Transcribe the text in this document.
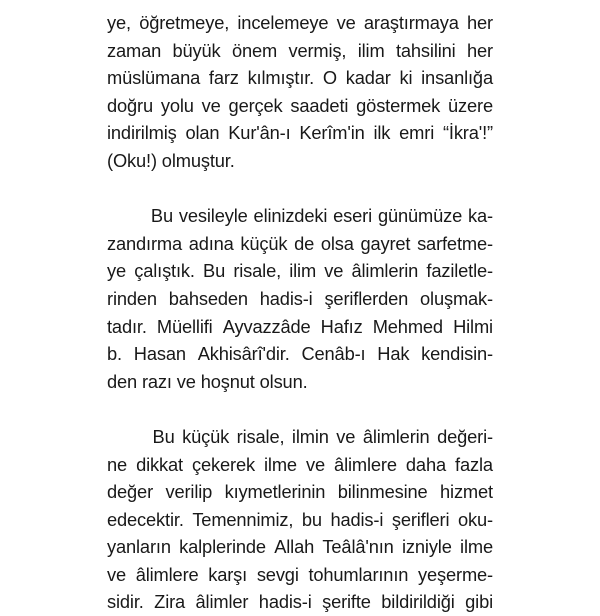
ye, öğretmeye, incelemeye ve araştırmaya her
zaman büyük önem vermiş, ilim tahsilini her
müslümana farz kılmıştır. O kadar ki insanlığa
doğru yolu ve gerçek saadeti göstermek üzere
indirilmiş olan Kur'ân-ı Kerîm'in ilk emri “İkra'!”
(Oku!) olmuştur.
Bu vesileyle elinizdeki eseri günümüze ka-
zandırma adına küçük de olsa gayret sarfetme-
ye çalıştık. Bu risale, ilim ve âlimlerin faziletle-
rinden bahseden hadis-i şeriflerden oluşmak-
tadır. Müellifi Ayvazzâde Hafız Mehmed Hilmi
b. Hasan Akhisârî'dir. Cenâb-ı Hak kendisin-
den razı ve hoşnut olsun.
Bu küçük risale, ilmin ve âlimlerin değeri-
ne dikkat çekerek ilme ve âlimlere daha fazla
değer verilip kıymetlerinin bilinmesine hizmet
edecektir. Temennimiz, bu hadis-i şerifleri oku-
yanların kalplerinde Allah Teâlâ'nın izniyle ilme
ve âlimlere karşı sevgi tohumlarının yeşerme-
sidir. Zira âlimler hadis-i şerifte bildirildiği gibi
